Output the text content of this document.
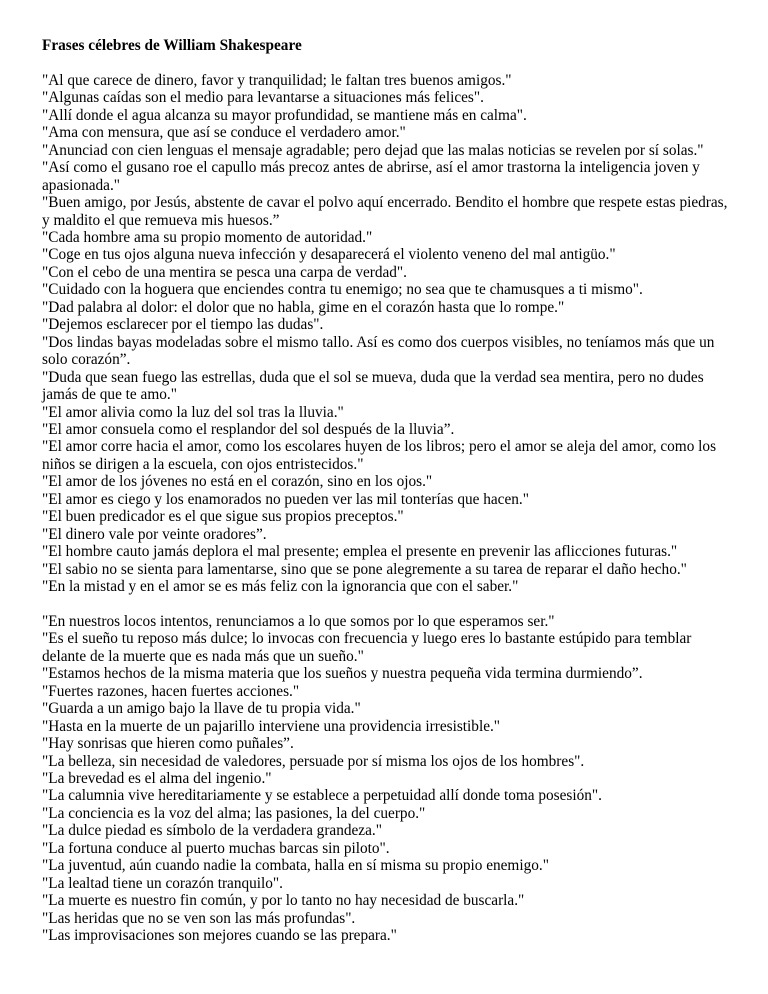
Frases célebres de William Shakespeare

"Al que carece de dinero, favor y tranquilidad; le faltan tres buenos amigos."

"Algunas caídas son el medio para levantarse a situaciones más felices".

"Allí donde el agua alcanza su mayor profundidad, se mantiene más en calma".

"Ama con mensura, que así se conduce el verdadero amor."

"Anunciad con cien lenguas el mensaje agradable; pero dejad que las malas noticias se revelen por sí solas."

"Así como el gusano roe el capullo más precoz antes de abrirse, así el amor trastorna la inteligencia joven y apasionada."

"Buen amigo, por Jesús, abstente de cavar el polvo aquí encerrado. Bendito el hombre que respete estas piedras, y maldito el que remueva mis huesos.”

"Cada hombre ama su propio momento de autoridad."

"Coge en tus ojos alguna nueva infección y desaparecerá el violento veneno del mal antigüo."

"Con el cebo de una mentira se pesca una carpa de verdad".

"Cuidado con la hoguera que enciendes contra tu enemigo; no sea que te chamusques a ti mismo".

"Dad palabra al dolor: el dolor que no habla, gime en el corazón hasta que lo rompe."

"Dejemos esclarecer por el tiempo las dudas".

"Dos lindas bayas modeladas sobre el mismo tallo. Así es como dos cuerpos visibles, no teníamos más que un solo corazón”.

"Duda que sean fuego las estrellas, duda que el sol se mueva, duda que la verdad sea mentira, pero no dudes jamás de que te amo."

"El amor alivia como la luz del sol tras la lluvia."

"El amor consuela como el resplandor del sol después de la lluvia”.

"El amor corre hacia el amor, como los escolares huyen de los libros; pero el amor se aleja del amor, como los niños se dirigen a la escuela, con ojos entristecidos."

"El amor de los jóvenes no está en el corazón, sino en los ojos."

"El amor es ciego y los enamorados no pueden ver las mil tonterías que hacen."

"El buen predicador es el que sigue sus propios preceptos."

"El dinero vale por veinte oradores”.

"El hombre cauto jamás deplora el mal presente; emplea el presente en prevenir las aflicciones futuras."

"El sabio no se sienta para lamentarse, sino que se pone alegremente a su tarea de reparar el daño hecho."

"En la mistad y en el amor se es más feliz con la ignorancia que con el saber."

"En nuestros locos intentos, renunciamos a lo que somos por lo que esperamos ser."

"Es el sueño tu reposo más dulce; lo invocas con frecuencia y luego eres lo bastante estúpido para temblar delante de la muerte que es nada más que un sueño."

"Estamos hechos de la misma materia que los sueños y nuestra pequeña vida termina durmiendo”.

"Fuertes razones, hacen fuertes acciones."

"Guarda a un amigo bajo la llave de tu propia vida."

"Hasta en la muerte de un pajarillo interviene una providencia irresistible."

"Hay sonrisas que hieren como puñales”.

"La belleza, sin necesidad de valedores, persuade por sí misma los ojos de los hombres".

"La brevedad es el alma del ingenio."

"La calumnia vive hereditariamente y se establece a perpetuidad allí donde toma posesión".

"La conciencia es la voz del alma; las pasiones, la del cuerpo."

"La dulce piedad es símbolo de la verdadera grandeza."

"La fortuna conduce al puerto muchas barcas sin piloto".

"La juventud, aún cuando nadie la combata, halla en sí misma su propio enemigo."

"La lealtad tiene un corazón tranquilo".

"La muerte es nuestro fin común, y por lo tanto no hay necesidad de buscarla."

"Las heridas que no se ven son las más profundas".

"Las improvisaciones son mejores cuando se las prepara."
